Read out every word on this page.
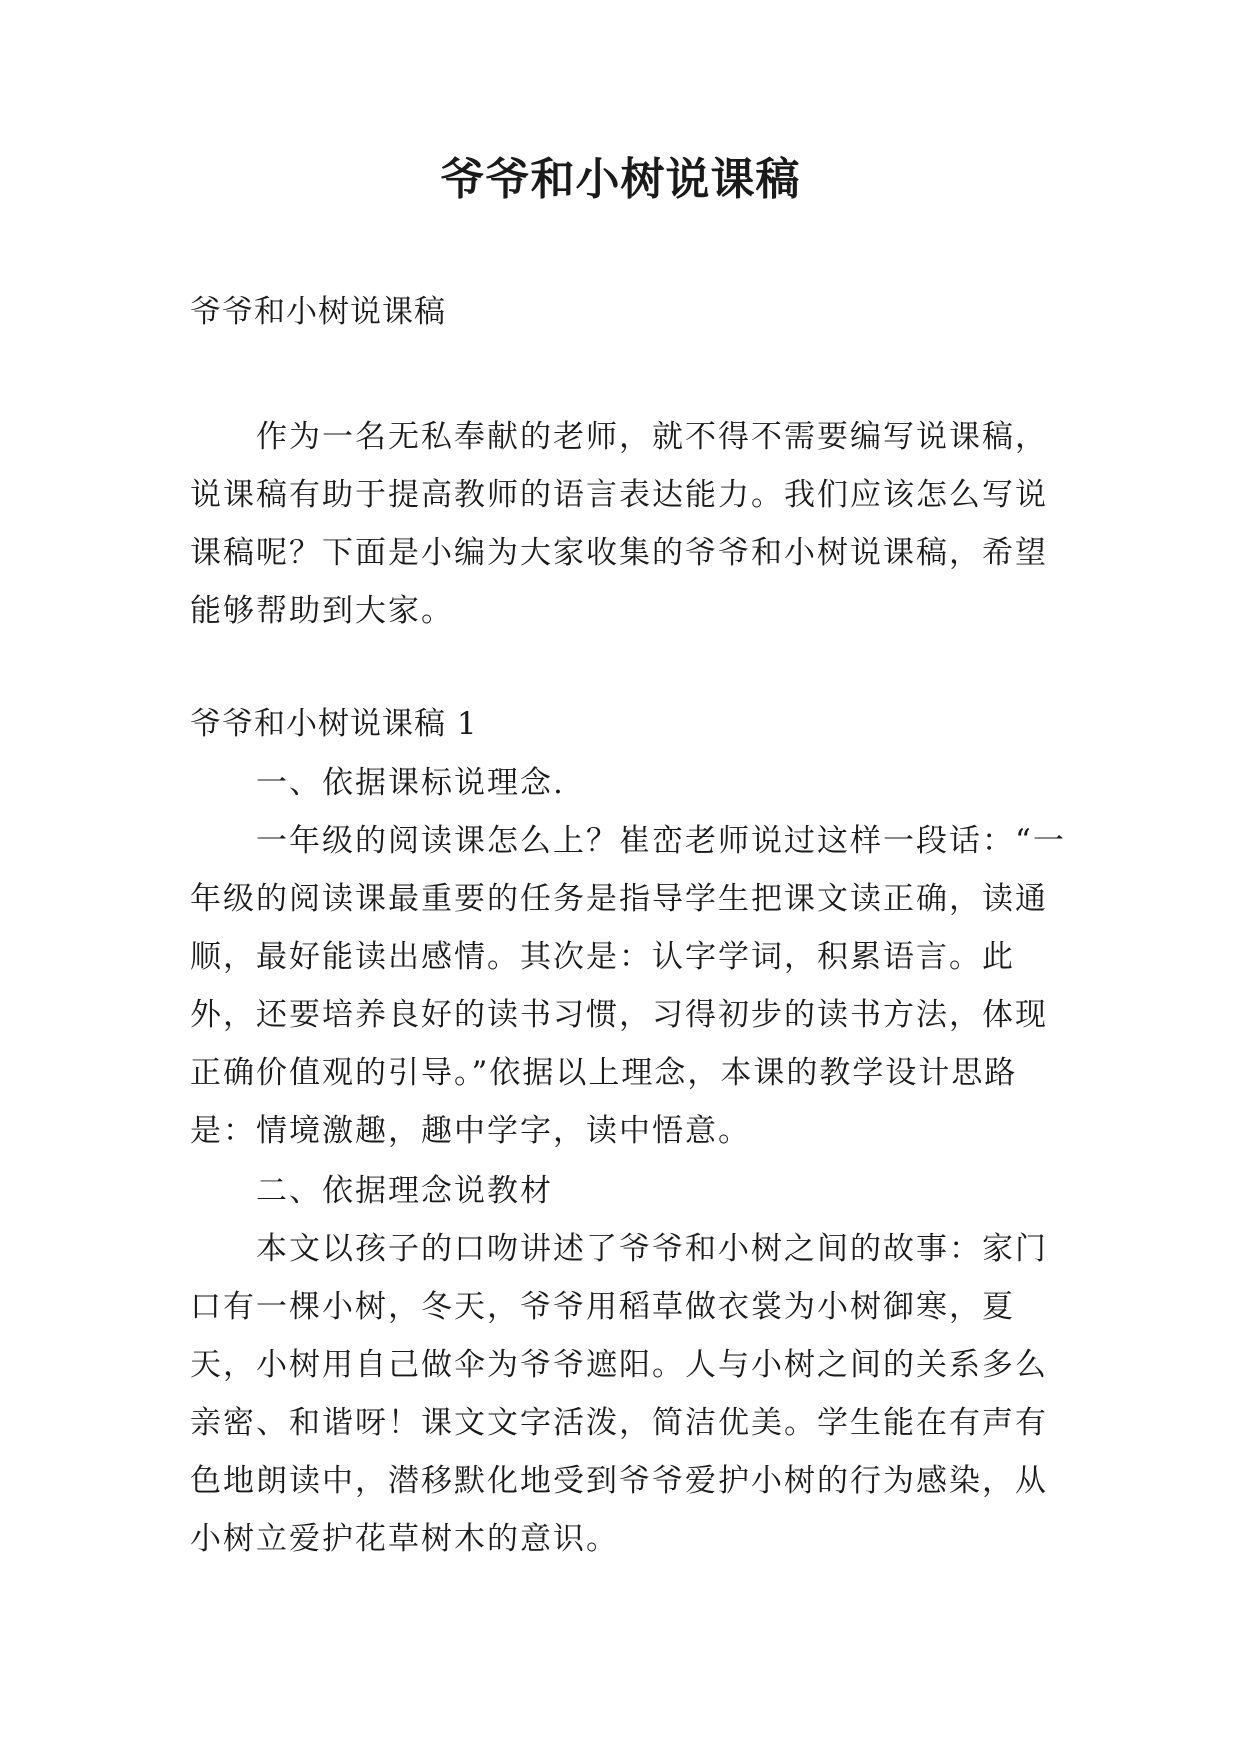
爷爷和小树说课稿
爷爷和小树说课稿

作为一名无私奉献的老师，就不得不需要编写说课稿，说课稿有助于提高教师的语言表达能力。我们应该怎么写说课稿呢？下面是小编为大家收集的爷爷和小树说课稿，希望能够帮助到大家。

爷爷和小树说课稿 1

一、依据课标说理念.

一年级的阅读课怎么上？崔峦老师说过这样一段话：“一年级的阅读课最重要的任务是指导学生把课文读正确，读通顺，最好能读出感情。其次是：认字学词，积累语言。此外，还要培养良好的读书习惯，习得初步的读书方法，体现正确价值观的引导。”依据以上理念，本课的教学设计思路是：情境激趣，趣中学字，读中悟意。

二、依据理念说教材

本文以孩子的口吻讲述了爷爷和小树之间的故事：家门口有一棵小树，冬天，爷爷用稻草做衣裳为小树御寒，夏天，小树用自己做伞为爷爷遮阳。人与小树之间的关系多么亲密、和谐呀！课文文字活泼，简洁优美。学生能在有声有色地朗读中，潜移默化地受到爷爷爱护小树的行为感染，从小树立爱护花草树木的意识。
